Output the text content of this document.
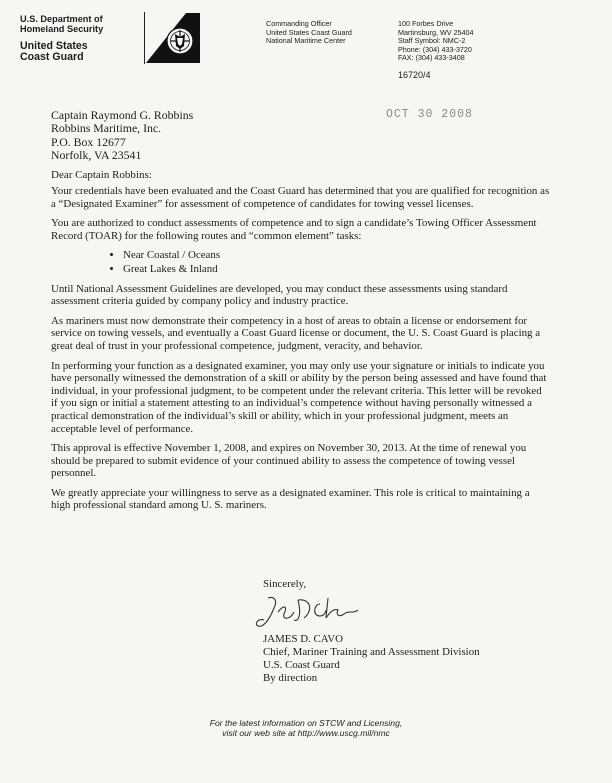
U.S. Department of
Homeland Security
United States
Coast Guard
Commanding Officer
United States Coast Guard
National Maritime Center
100 Forbes Drive
Martinsburg, WV 25404
Staff Symbol: NMC-2
Phone: (304) 433-3720
FAX: (304) 433-3408
16720/4
OCT 30 2008
Captain Raymond G. Robbins
Robbins Maritime, Inc.
P.O. Box 12677
Norfolk, VA 23541
Dear Captain Robbins:

Your credentials have been evaluated and the Coast Guard has determined that you are qualified for recognition as a “Designated Examiner” for assessment of competence of candidates for towing vessel licenses.

You are authorized to conduct assessments of competence and to sign a candidate’s Towing Officer Assessment Record (TOAR) for the following routes and “common element” tasks:

• Near Coastal / Oceans
• Great Lakes & Inland

Until National Assessment Guidelines are developed, you may conduct these assessments using standard assessment criteria guided by company policy and industry practice.

As mariners must now demonstrate their competency in a host of areas to obtain a license or endorsement for service on towing vessels, and eventually a Coast Guard license or document, the U. S. Coast Guard is placing a great deal of trust in your professional competence, judgment, veracity, and behavior.

In performing your function as a designated examiner, you may only use your signature or initials to indicate you have personally witnessed the demonstration of a skill or ability by the person being assessed and have found that individual, in your professional judgment, to be competent under the relevant criteria. This letter will be revoked if you sign or initial a statement attesting to an individual’s competence without having personally witnessed a practical demonstration of the individual’s skill or ability, which in your professional judgment, meets an acceptable level of performance.

This approval is effective November 1, 2008, and expires on November 30, 2013. At the time of renewal you should be prepared to submit evidence of your continued ability to assess the competence of towing vessel personnel.

We greatly appreciate your willingness to serve as a designated examiner. This role is critical to maintaining a high professional standard among U. S. mariners.

Sincerely,
JAMES D. CAVO
Chief, Mariner Training and Assessment Division
U.S. Coast Guard
By direction
For the latest information on STCW and Licensing,
visit our web site at http://www.uscg.mil/nmc
